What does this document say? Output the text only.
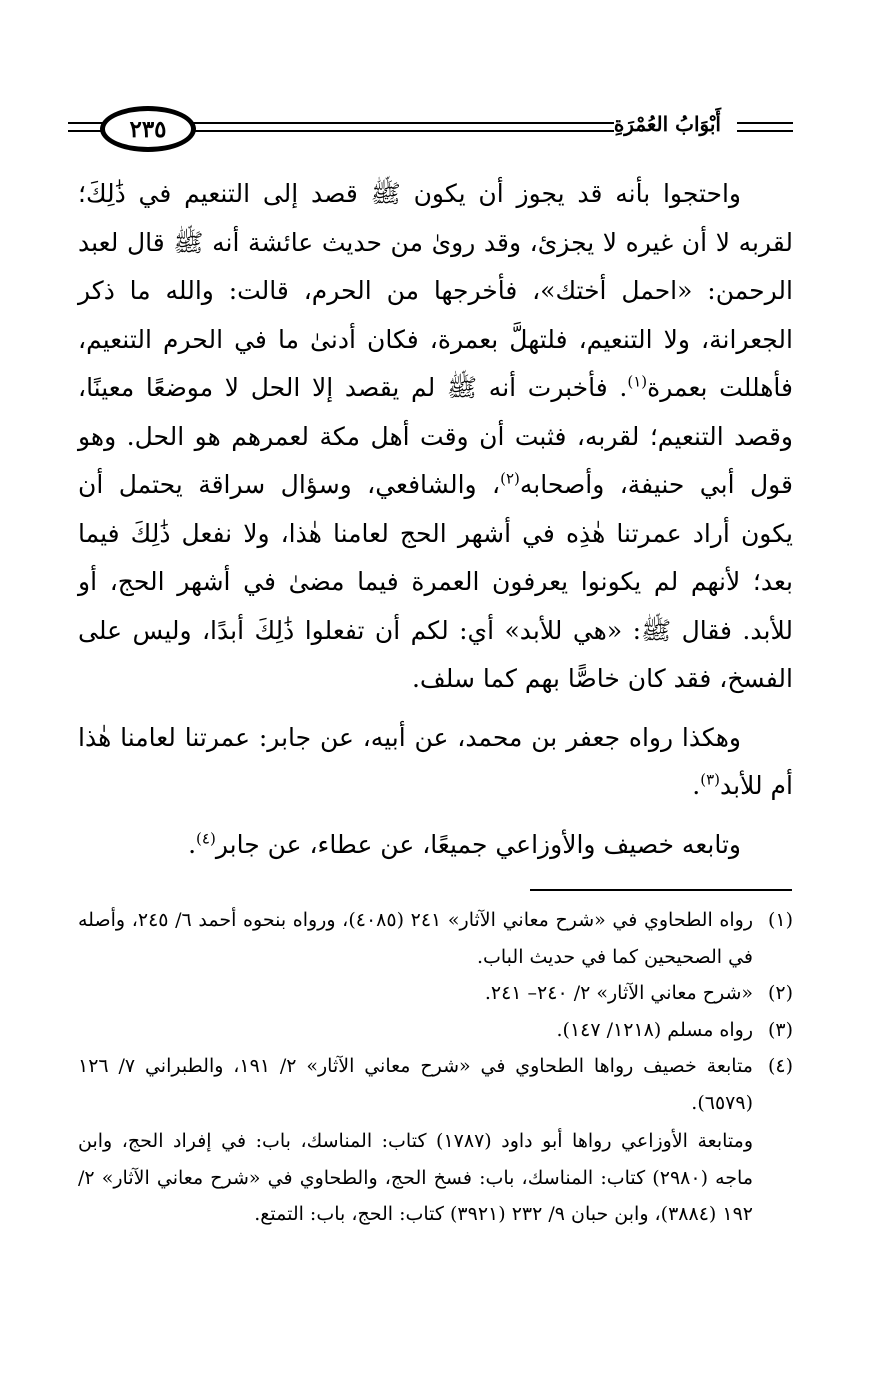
أَبْوَابُ العُمْرَةِ
٢٣٥

واحتجوا بأنه قد يجوز أن يكون ﷺ قصد إلى التنعيم في ذَٰلِكَ؛ لقربه لا أن غيره لا يجزئ، وقد روىٰ من حديث عائشة أنه ﷺ قال لعبد الرحمن: «احمل أختك»، فأخرجها من الحرم، قالت: والله ما ذكر الجعرانة، ولا التنعيم، فلتهلَّ بعمرة، فكان أدنىٰ ما في الحرم التنعيم، فأهللت بعمرة$^{(١)}$. فأخبرت أنه ﷺ لم يقصد إلا الحل لا موضعًا معينًا، وقصد التنعيم؛ لقربه، فثبت أن وقت أهل مكة لعمرهم هو الحل. وهو قول أبي حنيفة، وأصحابه$^{(٢)}$، والشافعي، وسؤال سراقة يحتمل أن يكون أراد عمرتنا هٰذِه في أشهر الحج لعامنا هٰذا، ولا نفعل ذَٰلِكَ فيما بعد؛ لأنهم لم يكونوا يعرفون العمرة فيما مضىٰ في أشهر الحج، أو للأبد. فقال ﷺ: «هي للأبد» أي: لكم أن تفعلوا ذَٰلِكَ أبدًا، وليس على الفسخ، فقد كان خاصًّا بهم كما سلف.

وهكذا رواه جعفر بن محمد، عن أبيه، عن جابر: عمرتنا لعامنا هٰذا أم للأبد$^{(٣)}$.

وتابعه خصيف والأوزاعي جميعًا، عن عطاء، عن جابر$^{(٤)}$.

(١)
رواه الطحاوي في «شرح معاني الآثار» ٢٤١ (٤٠٨٥)، ورواه بنحوه أحمد ٦/ ٢٤٥، وأصله في الصحيحين كما في حديث الباب.
(٢)
«شرح معاني الآثار» ٢/ ٢٤٠– ٢٤١.
(٣)
رواه مسلم (١٢١٨/ ١٤٧).
(٤)
متابعة خصيف رواها الطحاوي في «شرح معاني الآثار» ٢/ ١٩١، والطبراني ٧/ ١٢٦ (٦٥٧٩).
ومتابعة الأوزاعي رواها أبو داود (١٧٨٧) كتاب: المناسك، باب: في إفراد الحج، وابن ماجه (٢٩٨٠) كتاب: المناسك، باب: فسخ الحج، والطحاوي في «شرح معاني الآثار» ٢/ ١٩٢ (٣٨٨٤)، وابن حبان ٩/ ٢٣٢ (٣٩٢١) كتاب: الحج، باب: التمتع.
